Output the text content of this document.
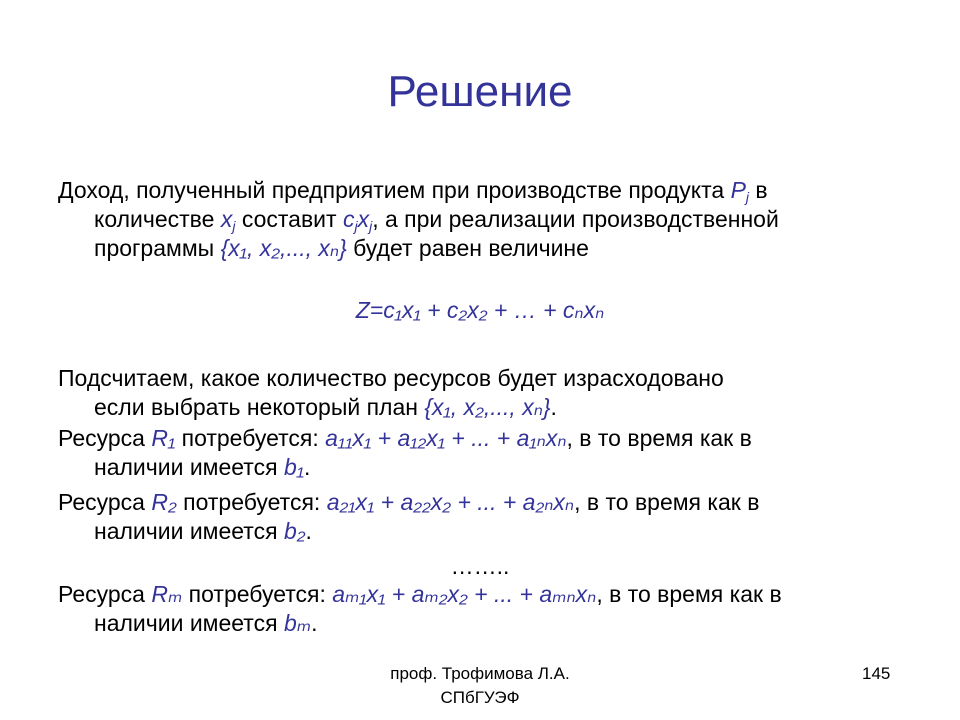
Решение
Доход, полученный предприятием при производстве продукта $P_j$ в
количестве $x_j$ составит $c_jx_j$, а при реализации производственной
программы {x₁, x₂,..., xₙ} будет равен величине
Z=c₁x₁ + c₂x₂ + … + cₙxₙ
Подсчитаем, какое количество ресурсов будет израсходовано
если выбрать некоторый план {x₁, x₂,..., xₙ}.
Ресурса R₁ потребуется: a₁₁x₁ + a₁₂x₁ + ... + a₁ₙxₙ, в то время как в
наличии имеется b₁.
Ресурса R₂ потребуется: a₂₁x₁ + a₂₂x₂ + ... + a₂ₙxₙ, в то время как в
наличии имеется b₂.
……..
Ресурса Rₘ потребуется: aₘ₁x₁ + aₘ₂x₂ + ... + aₘₙxₙ, в то время как в
наличии имеется bₘ.
проф. Трофимова Л.А.
СПбГУЭФ
145
